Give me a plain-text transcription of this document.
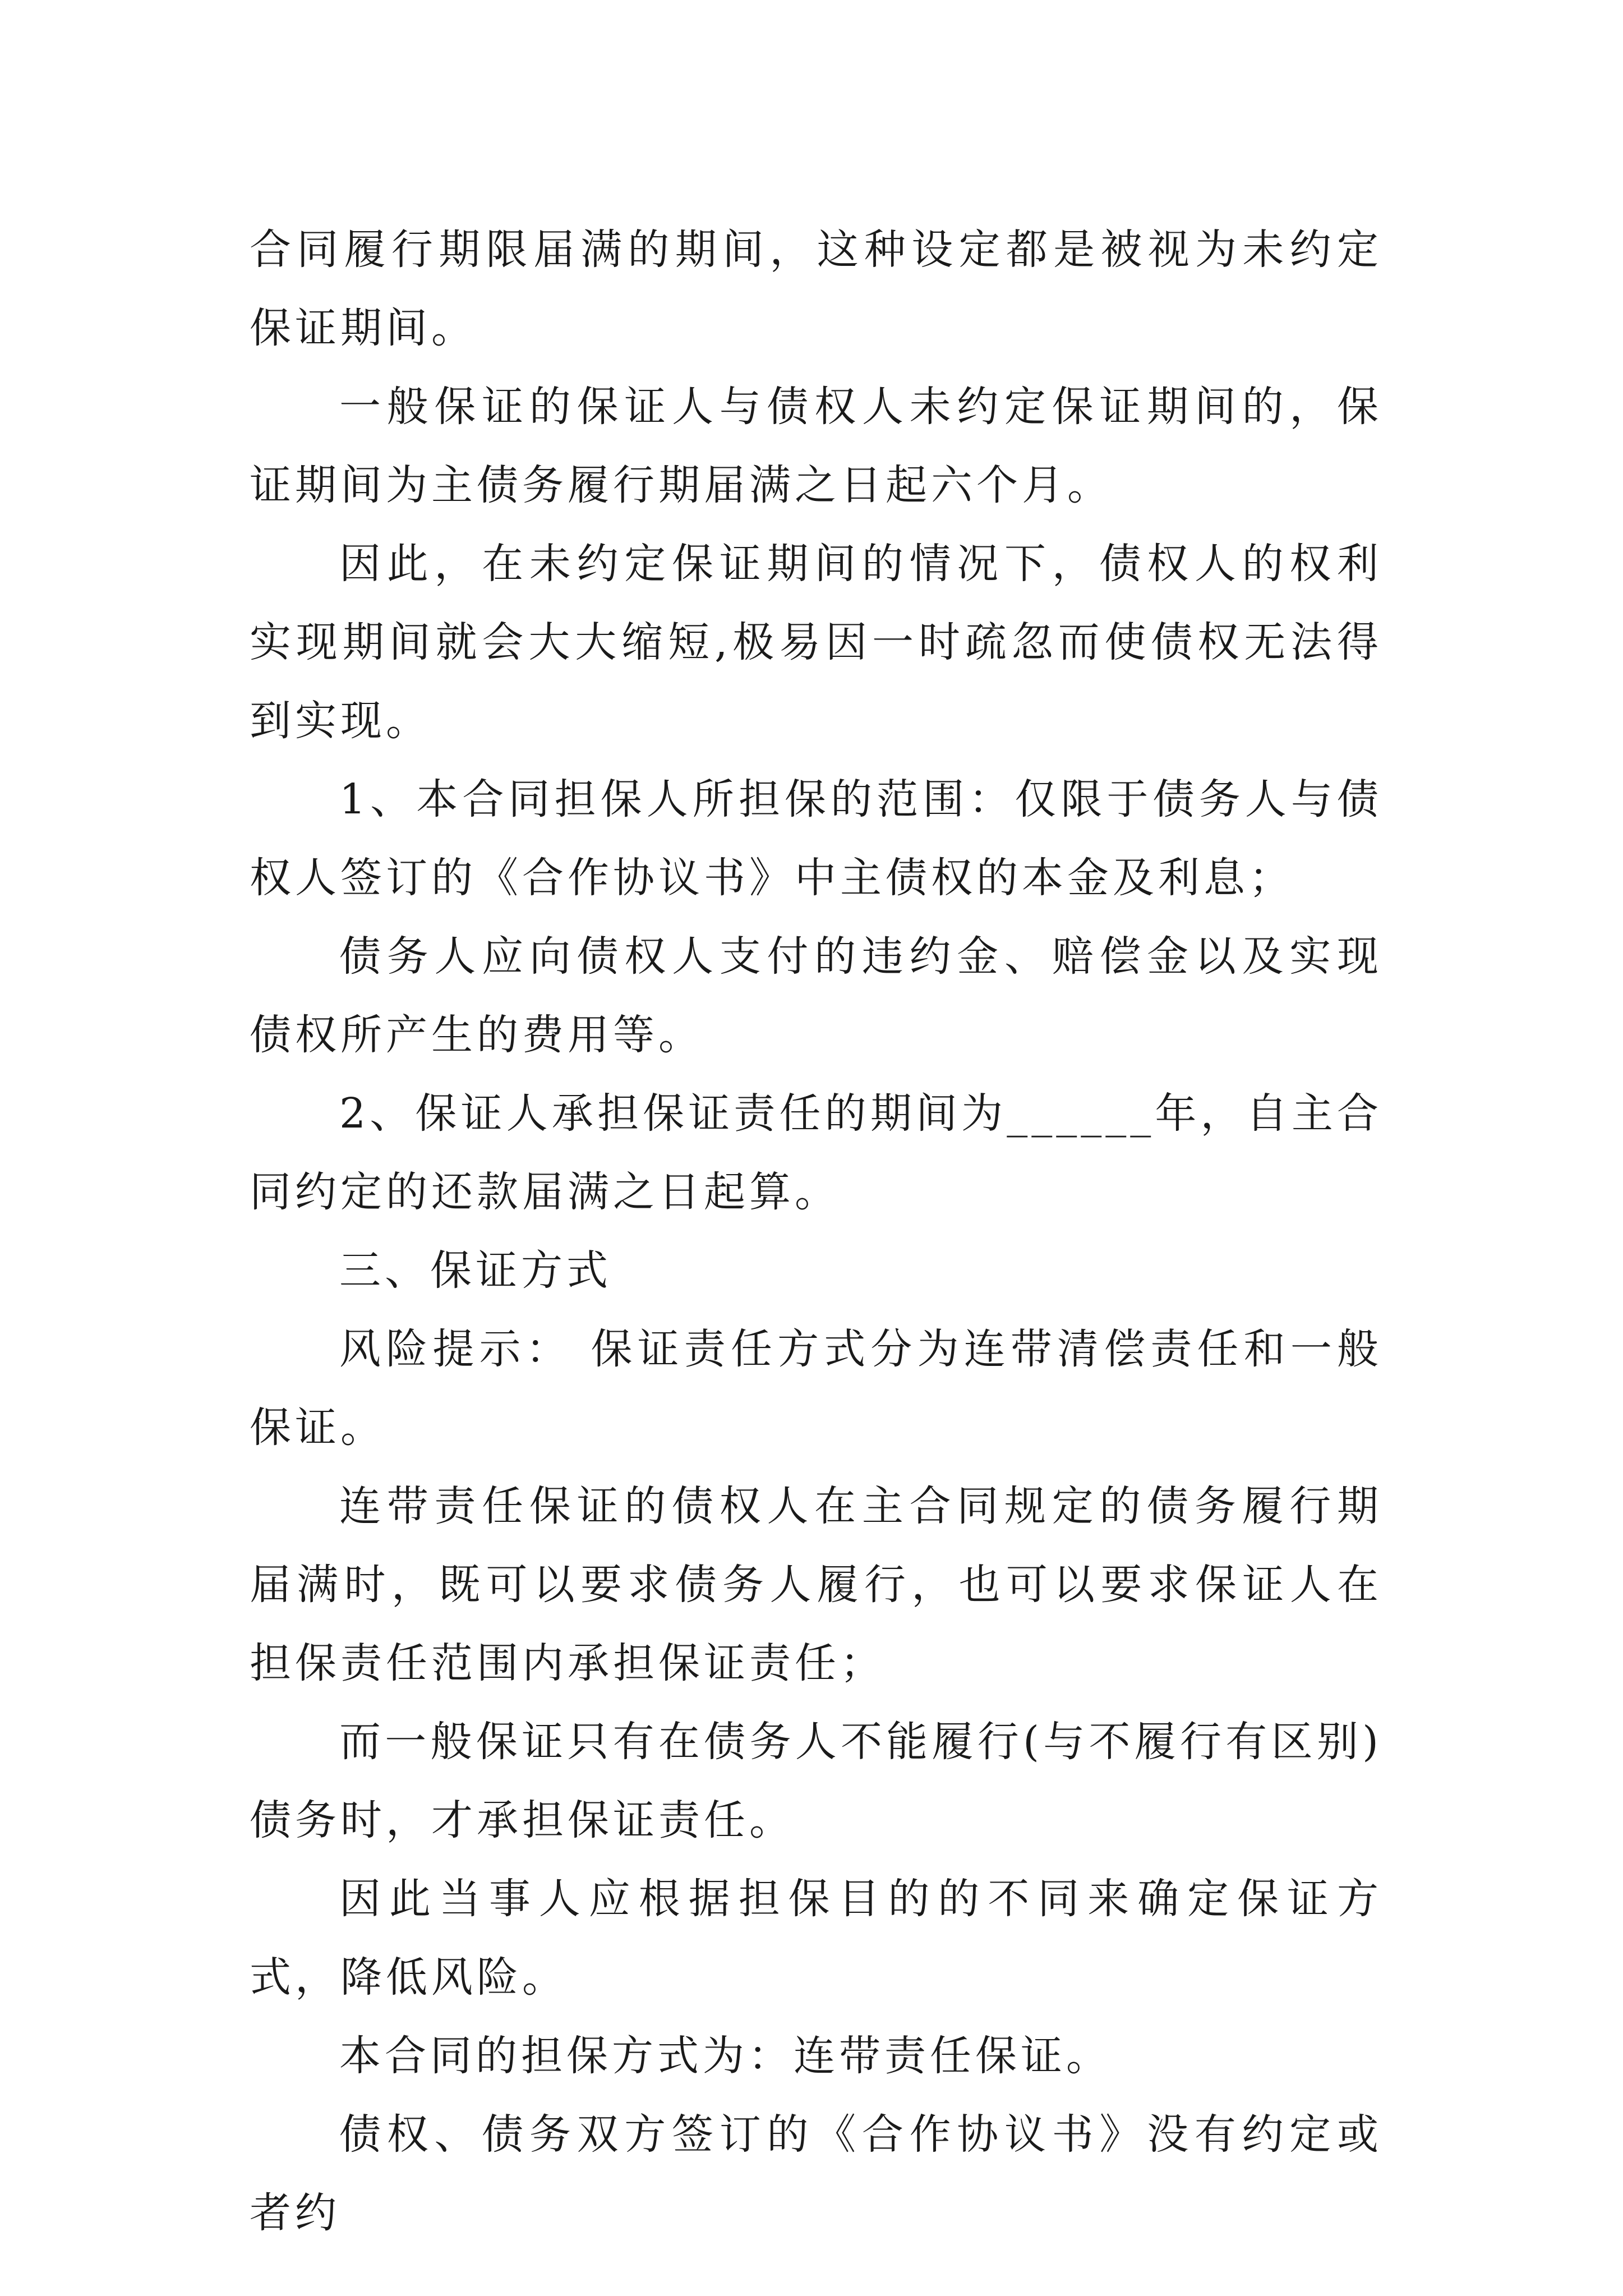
合同履行期限届满的期间，这种设定都是被视为未约定保证期间。

一般保证的保证人与债权人未约定保证期间的，保证期间为主债务履行期届满之日起六个月。

因此，在未约定保证期间的情况下，债权人的权利实现期间就会大大缩短,极易因一时疏忽而使债权无法得到实现。

1、本合同担保人所担保的范围：仅限于债务人与债权人签订的《合作协议书》中主债权的本金及利息；

债务人应向债权人支付的违约金、赔偿金以及实现债权所产生的费用等。

2、保证人承担保证责任的期间为______年，自主合同约定的还款届满之日起算。

三、保证方式

风险提示： 保证责任方式分为连带清偿责任和一般保证。

连带责任保证的债权人在主合同规定的债务履行期届满时，既可以要求债务人履行，也可以要求保证人在担保责任范围内承担保证责任；

而一般保证只有在债务人不能履行(与不履行有区别)债务时，才承担保证责任。

因此当事人应根据担保目的的不同来确定保证方式，降低风险。

本合同的担保方式为：连带责任保证。

债权、债务双方签订的《合作协议书》没有约定或者约
